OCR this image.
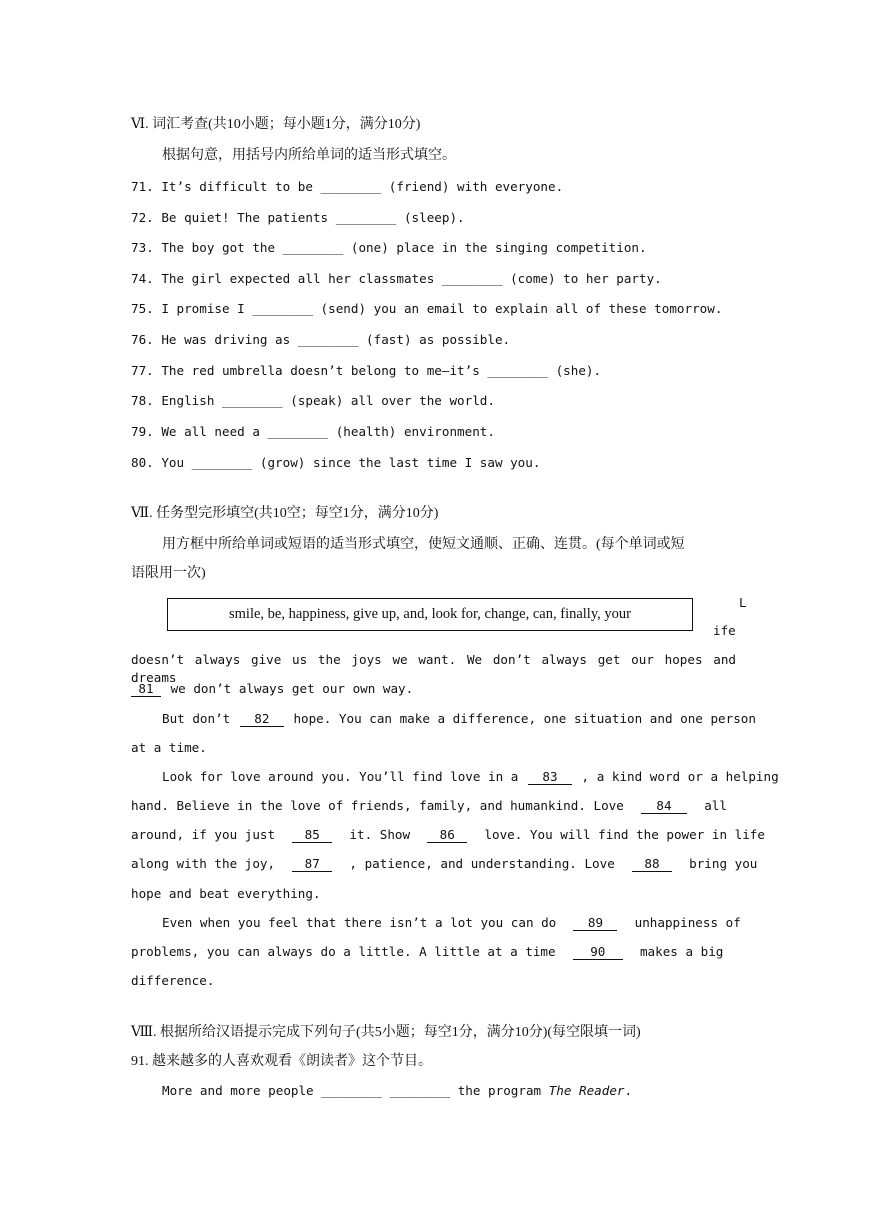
Ⅵ. 词汇考查(共10小题；每小题1分，满分10分)
根据句意，用括号内所给单词的适当形式填空。
71. It’s difficult to be ________ (friend) with everyone.
72. Be quiet! The patients ________ (sleep).
73. The boy got the ________ (one) place in the singing competition.
74. The girl expected all her classmates ________ (come) to her party.
75. I promise I ________ (send) you an email to explain all of these tomorrow.
76. He was driving as ________ (fast) as possible.
77. The red umbrella doesn’t belong to me—it’s ________ (she).
78. English ________ (speak) all over the world.
79. We all need a ________ (health) environment.
80. You ________ (grow) since the last time I saw you.
Ⅶ. 任务型完形填空(共10空；每空1分，满分10分)
用方框中所给单词或短语的适当形式填空，使短文通顺、正确、连贯。(每个单词或短
语限用一次)
smile, be, happiness, give up, and, look for, change, can, finally, your
L
ife
doesn’t always give us the joys we want. We don’t always get our hopes and dreams
81 we don’t always get our own way.
But don’t 82 hope. You can make a difference, one situation and one person
at a time.
Look for love around you. You’ll find love in a 83 , a kind word or a helping
hand. Believe in the love of friends, family, and humankind. Love	84	all
around, if you just 85 it. Show 86 love. You will find the power in life
along with the joy, 87 , patience, and understanding. Love 88 bring you
hope and beat everything.
Even when you feel that there isn’t a lot you can do	89	unhappiness of
problems, you can always do a little. A little at a time	90	makes a big
difference.
Ⅷ. 根据所给汉语提示完成下列句子(共5小题；每空1分，满分10分)(每空限填一词)
91. 越来越多的人喜欢观看《朗读者》这个节目。
More and more people ________ ________ the program The Reader.
